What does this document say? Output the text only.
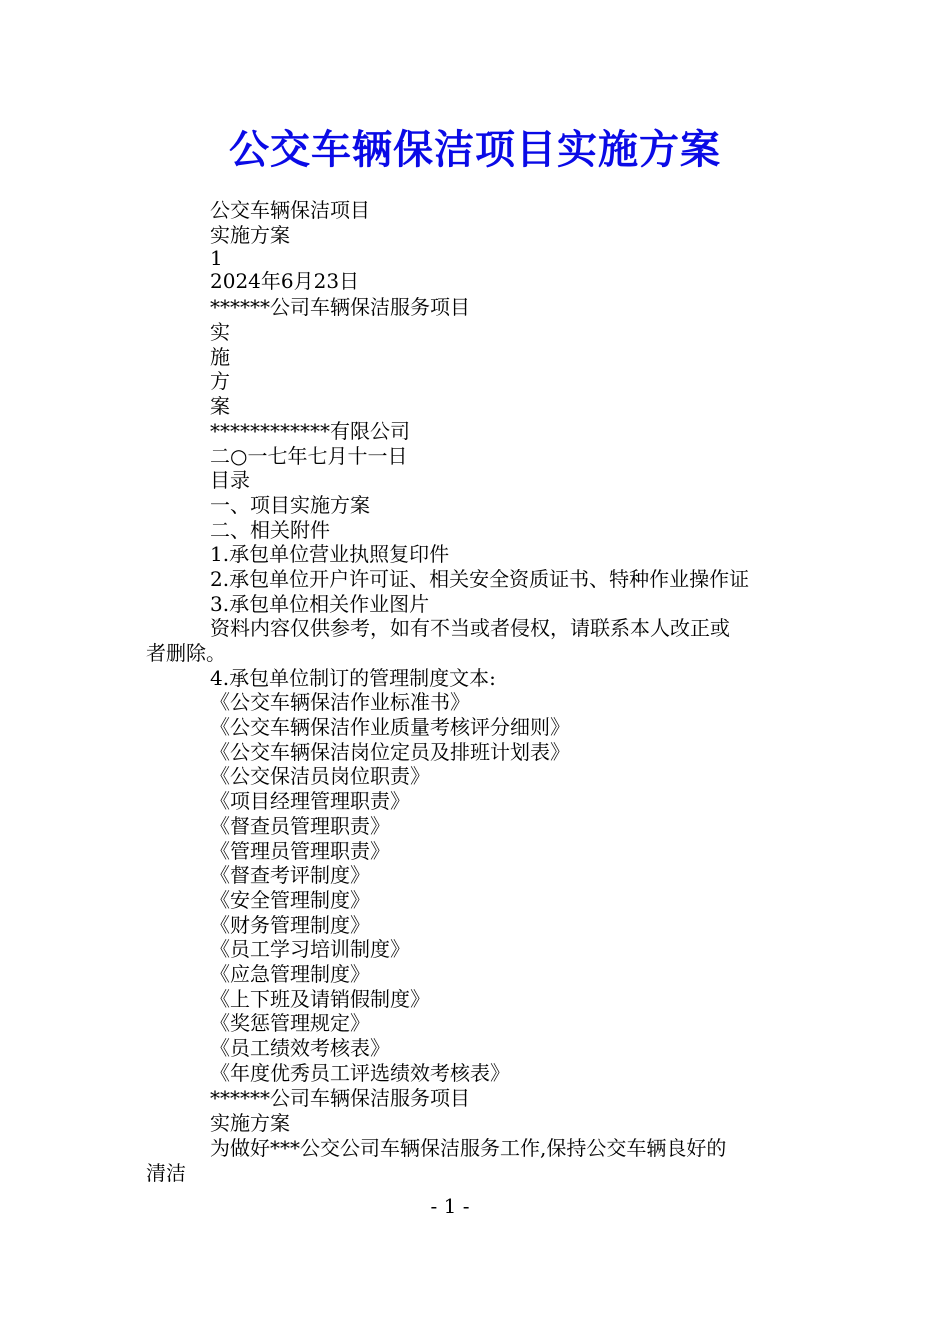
公交车辆保洁项目实施方案
公交车辆保洁项目
实施方案
1
2024年6月23日
******公司车辆保洁服务项目
实
施
方
案
************有限公司
二○一七年七月十一日
目录
一、项目实施方案
二、相关附件
1.承包单位营业执照复印件
2.承包单位开户许可证、相关安全资质证书、特种作业操作证
3.承包单位相关作业图片
资料内容仅供参考，如有不当或者侵权，请联系本人改正或
者删除。
4.承包单位制订的管理制度文本:
《公交车辆保洁作业标准书》
《公交车辆保洁作业质量考核评分细则》
《公交车辆保洁岗位定员及排班计划表》
《公交保洁员岗位职责》
《项目经理管理职责》
《督查员管理职责》
《管理员管理职责》
《督查考评制度》
《安全管理制度》
《财务管理制度》
《员工学习培训制度》
《应急管理制度》
《上下班及请销假制度》
《奖惩管理规定》
《员工绩效考核表》
《年度优秀员工评选绩效考核表》
******公司车辆保洁服务项目
实施方案
为做好***公交公司车辆保洁服务工作,保持公交车辆良好的
清洁
- 1 -
